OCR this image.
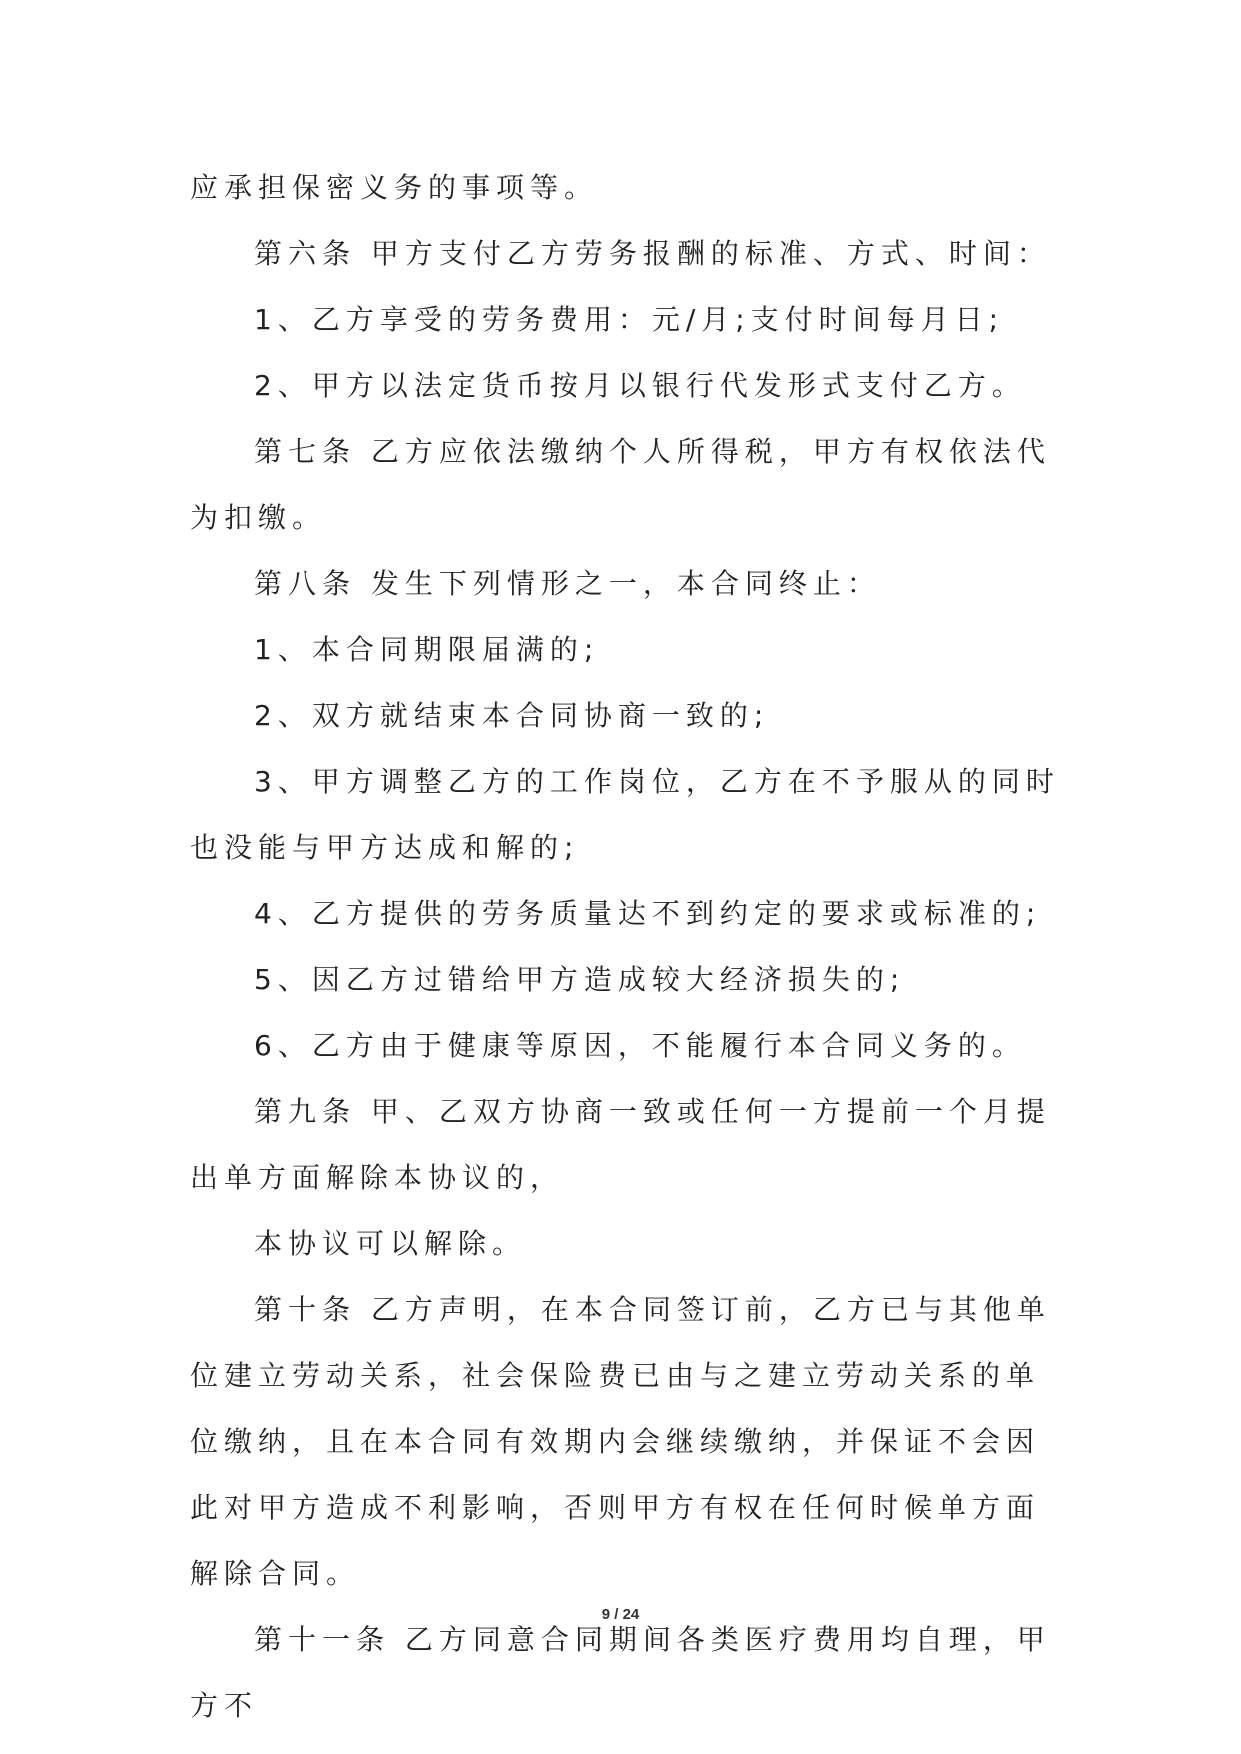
应承担保密义务的事项等。

第六条 甲方支付乙方劳务报酬的标准、方式、时间：

1、乙方享受的劳务费用：元/月;支付时间每月日;

2、甲方以法定货币按月以银行代发形式支付乙方。

第七条 乙方应依法缴纳个人所得税，甲方有权依法代为扣缴。

第八条 发生下列情形之一，本合同终止：

1、本合同期限届满的;

2、双方就结束本合同协商一致的;

3、甲方调整乙方的工作岗位，乙方在不予服从的同时也没能与甲方达成和解的;

4、乙方提供的劳务质量达不到约定的要求或标准的;

5、因乙方过错给甲方造成较大经济损失的;

6、乙方由于健康等原因，不能履行本合同义务的。

第九条 甲、乙双方协商一致或任何一方提前一个月提出单方面解除本协议的，

本协议可以解除。

第十条 乙方声明，在本合同签订前，乙方已与其他单位建立劳动关系，社会保险费已由与之建立劳动关系的单位缴纳，且在本合同有效期内会继续缴纳，并保证不会因此对甲方造成不利影响，否则甲方有权在任何时候单方面解除合同。

第十一条 乙方同意合同期间各类医疗费用均自理，甲方不

9 / 24
